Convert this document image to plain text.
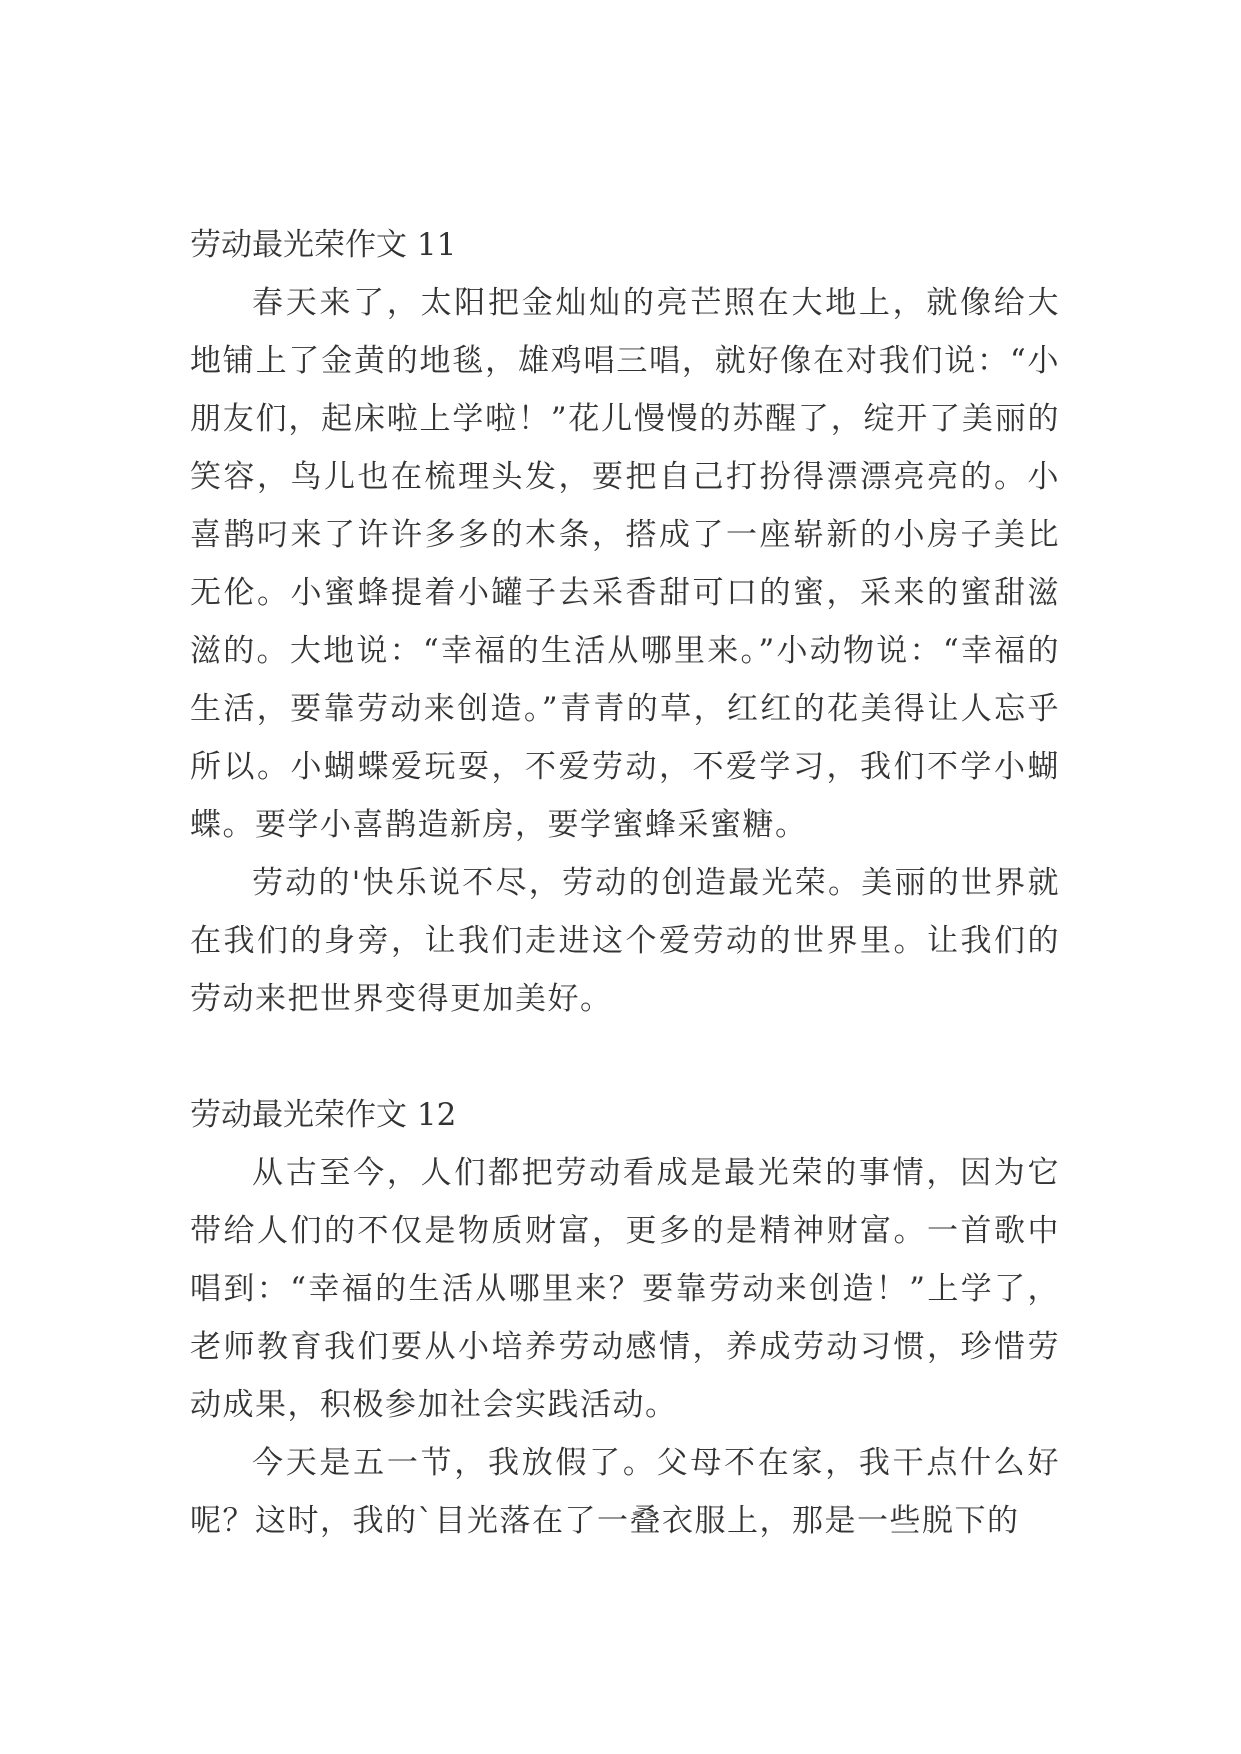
劳动最光荣作文 11

春天来了，太阳把金灿灿的亮芒照在大地上，就像给大地铺上了金黄的地毯，雄鸡唱三唱，就好像在对我们说：“小朋友们，起床啦上学啦！”花儿慢慢的苏醒了，绽开了美丽的笑容，鸟儿也在梳理头发，要把自己打扮得漂漂亮亮的。小喜鹊叼来了许许多多的木条，搭成了一座崭新的小房子美比无伦。小蜜蜂提着小罐子去采香甜可口的蜜，采来的蜜甜滋滋的。大地说：“幸福的生活从哪里来。”小动物说：“幸福的生活，要靠劳动来创造。”青青的草，红红的花美得让人忘乎所以。小蝴蝶爱玩耍，不爱劳动，不爱学习，我们不学小蝴蝶。要学小喜鹊造新房，要学蜜蜂采蜜糖。

劳动的'快乐说不尽，劳动的创造最光荣。美丽的世界就在我们的身旁，让我们走进这个爱劳动的世界里。让我们的劳动来把世界变得更加美好。

劳动最光荣作文 12

从古至今，人们都把劳动看成是最光荣的事情，因为它带给人们的不仅是物质财富，更多的是精神财富。一首歌中唱到：“幸福的生活从哪里来？要靠劳动来创造！”上学了，老师教育我们要从小培养劳动感情，养成劳动习惯，珍惜劳动成果，积极参加社会实践活动。

今天是五一节，我放假了。父母不在家，我干点什么好呢？这时，我的`目光落在了一叠衣服上，那是一些脱下的
